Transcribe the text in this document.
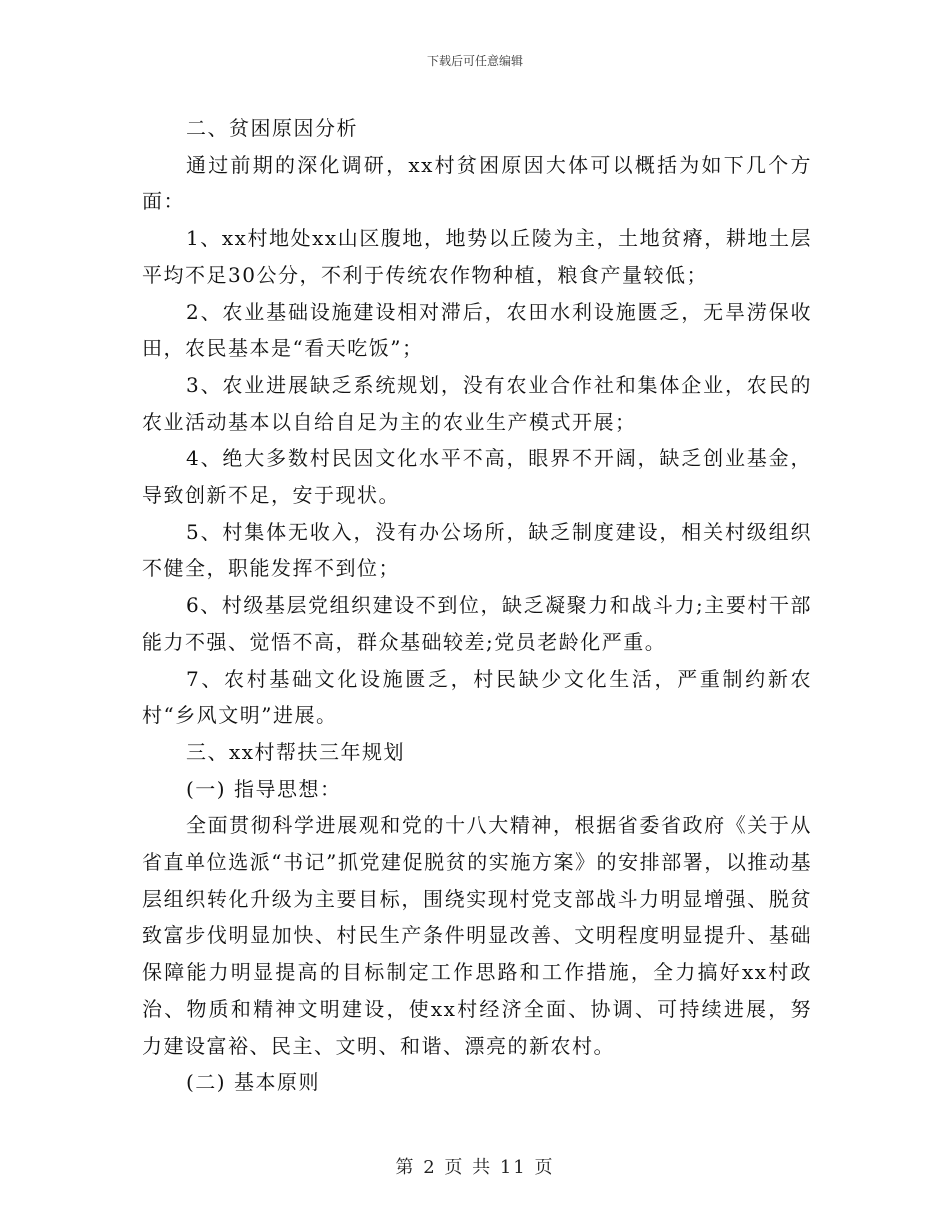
下载后可任意编辑

二、贫困原因分析

通过前期的深化调研，xx村贫困原因大体可以概括为如下几个方面：

1、xx村地处xx山区腹地，地势以丘陵为主，土地贫瘠，耕地土层平均不足30公分，不利于传统农作物种植，粮食产量较低；

2、农业基础设施建设相对滞后，农田水利设施匮乏，无旱涝保收田，农民基本是“看天吃饭”；

3、农业进展缺乏系统规划，没有农业合作社和集体企业，农民的农业活动基本以自给自足为主的农业生产模式开展；

4、绝大多数村民因文化水平不高，眼界不开阔，缺乏创业基金，导致创新不足，安于现状。

5、村集体无收入，没有办公场所，缺乏制度建设，相关村级组织不健全，职能发挥不到位；

6、村级基层党组织建设不到位，缺乏凝聚力和战斗力;主要村干部能力不强、觉悟不高，群众基础较差;党员老龄化严重。

7、农村基础文化设施匮乏，村民缺少文化生活，严重制约新农村“乡风文明”进展。

三、xx村帮扶三年规划

(一) 指导思想：

全面贯彻科学进展观和党的十八大精神，根据省委省政府《关于从省直单位选派“书记”抓党建促脱贫的实施方案》的安排部署，以推动基层组织转化升级为主要目标，围绕实现村党支部战斗力明显增强、脱贫致富步伐明显加快、村民生产条件明显改善、文明程度明显提升、基础保障能力明显提高的目标制定工作思路和工作措施，全力搞好xx村政治、物质和精神文明建设，使xx村经济全面、协调、可持续进展，努力建设富裕、民主、文明、和谐、漂亮的新农村。

(二) 基本原则

第 2 页 共 11 页
